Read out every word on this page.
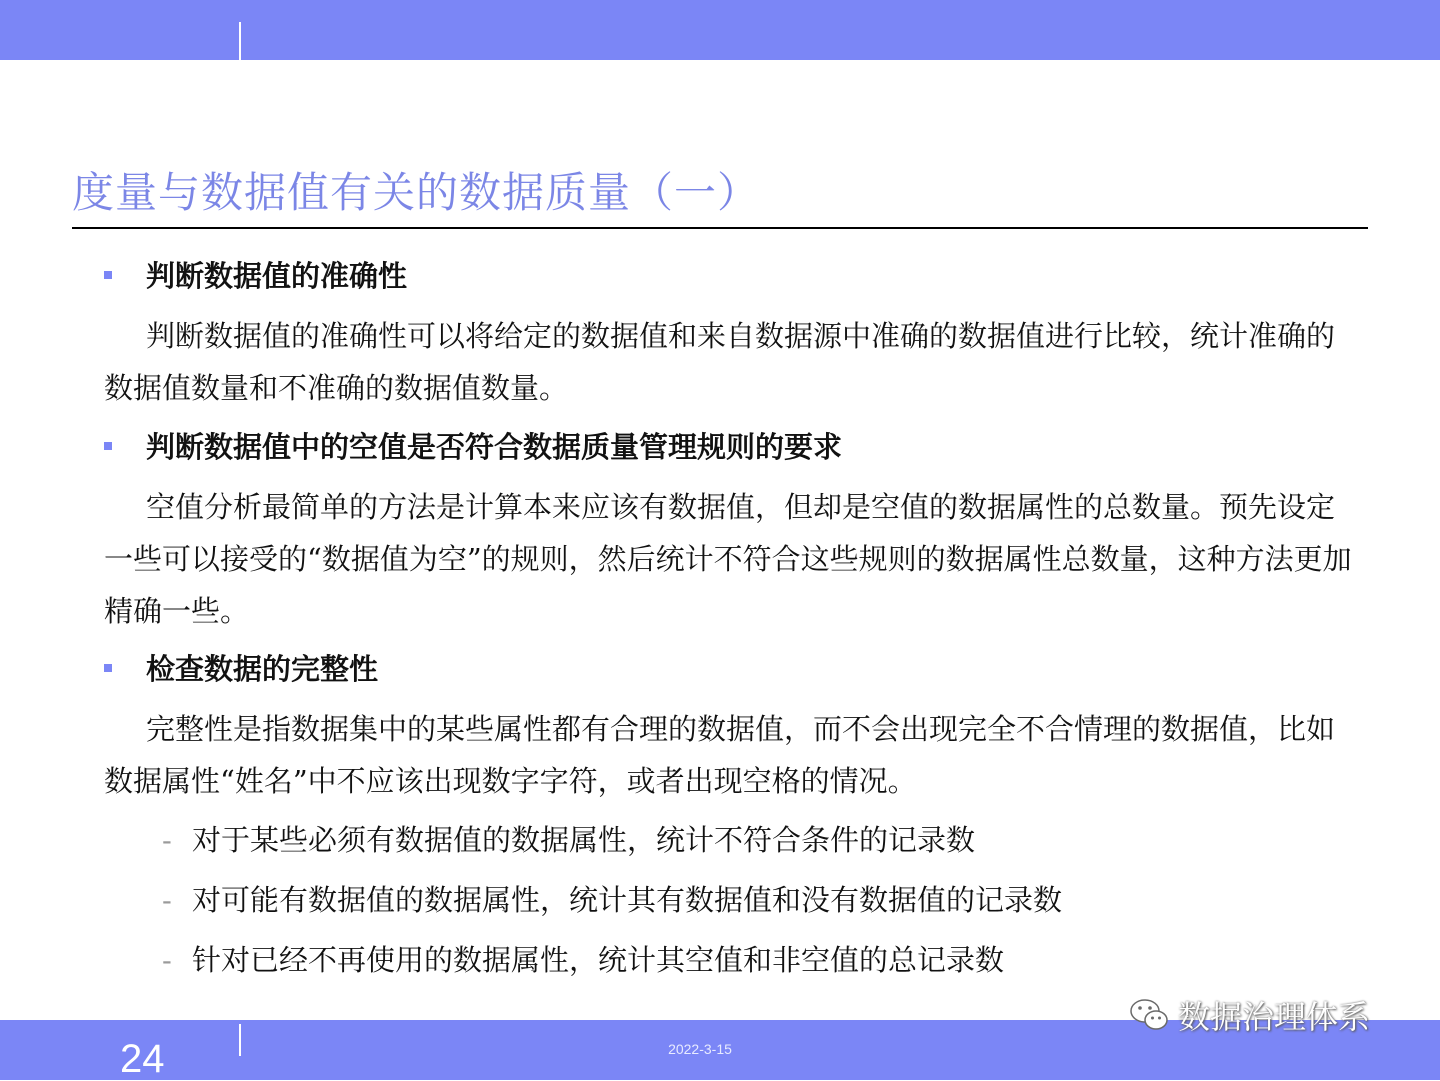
度量与数据值有关的数据质量（一）
判断数据值的准确性

判断数据值的准确性可以将给定的数据值和来自数据源中准确的数据值进行比较，统计准确的数据值数量和不准确的数据值数量。

判断数据值中的空值是否符合数据质量管理规则的要求

空值分析最简单的方法是计算本来应该有数据值，但却是空值的数据属性的总数量。预先设定一些可以接受的“数据值为空”的规则，然后统计不符合这些规则的数据属性总数量，这种方法更加精确一些。

检查数据的完整性

完整性是指数据集中的某些属性都有合理的数据值，而不会出现完全不合情理的数据值，比如数据属性“姓名”中不应该出现数字字符，或者出现空格的情况。

- 对于某些必须有数据值的数据属性，统计不符合条件的记录数
- 对可能有数据值的数据属性，统计其有数据值和没有数据值的记录数
- 针对已经不再使用的数据属性，统计其空值和非空值的总记录数
24	2022-3-15
数据治理体系
